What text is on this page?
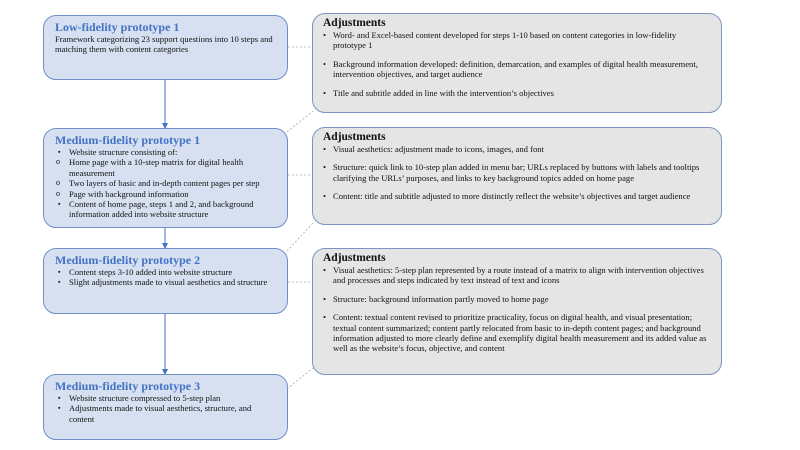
Low-fidelity prototype 1
Framework categorizing 23 support questions into 10 steps and matching them with content categories
Medium-fidelity prototype 1
▪ Website structure consisting of:
o Home page with a 10-step matrix for digital health measurement
o Two layers of basic and in-depth content pages per step
o Page with background information
▪ Content of home page, steps 1 and 2, and background information added into website structure
Medium-fidelity prototype 2
▪ Content steps 3-10 added into website structure
▪ Slight adjustments made to visual aesthetics and structure
Medium-fidelity prototype 3
▪ Website structure compressed to 5-step plan
▪ Adjustments made to visual aesthetics, structure, and content
Adjustments
• Word- and Excel-based content developed for steps 1-10 based on content categories in low-fidelity prototype 1
• Background information developed: definition, demarcation, and examples of digital health measurement, intervention objectives, and target audience
• Title and subtitle added in line with the intervention’s objectives
Adjustments
• Visual aesthetics: adjustment made to icons, images, and font
• Structure: quick link to 10-step plan added in menu bar; URLs replaced by buttons with labels and tooltips clarifying the URLs’ purposes, and links to key background topics added on home page
• Content: title and subtitle adjusted to more distinctly reflect the website’s objectives and target audience
Adjustments
• Visual aesthetics: 5-step plan represented by a route instead of a matrix to align with intervention objectives and processes and steps indicated by text instead of text and icons
• Structure: background information partly moved to home page
• Content: textual content revised to prioritize practicality, focus on digital health, and visual presentation; textual content summarized; content partly relocated from basic to in-depth content pages; and background information adjusted to more clearly define and exemplify digital health measurement and its added value as well as the website’s focus, objective, and content
